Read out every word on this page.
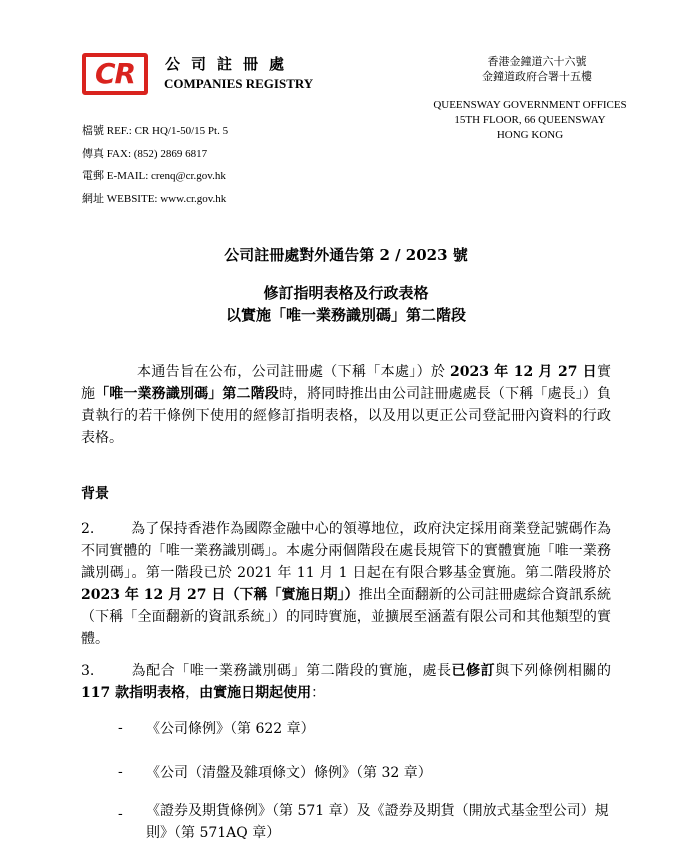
CR 公司註冊處
COMPANIES REGISTRY
香港金鐘道六十六號
金鐘道政府合署十五樓
QUEENSWAY GOVERNMENT OFFICES
15TH FLOOR, 66 QUEENSWAY
HONG KONG
檔號 REF.: CR HQ/1-50/15 Pt. 5
傳真 FAX: (852) 2869 6817
電郵 E-MAIL: crenq@cr.gov.hk
網址 WEBSITE: www.cr.gov.hk
公司註冊處對外通告第 2 / 2023 號
修訂指明表格及行政表格
以實施「唯一業務識別碼」第二階段

本通告旨在公布，公司註冊處（下稱「本處」）於 2023 年 12 月 27 日實施「唯一業務識別碼」第二階段時，將同時推出由公司註冊處處長（下稱「處長」）負責執行的若干條例下使用的經修訂指明表格，以及用以更正公司登記冊內資料的行政表格。

背景

2.	為了保持香港作為國際金融中心的領導地位，政府決定採用商業登記號碼作為不同實體的「唯一業務識別碼」。本處分兩個階段在處長規管下的實體實施「唯一業務識別碼」。第一階段已於 2021 年 11 月 1 日起在有限合夥基金實施。第二階段將於 2023 年 12 月 27 日（下稱「實施日期」）推出全面翻新的公司註冊處綜合資訊系統（下稱「全面翻新的資訊系統」）的同時實施，並擴展至涵蓋有限公司和其他類型的實體。

3.	為配合「唯一業務識別碼」第二階段的實施，處長已修訂與下列條例相關的 117 款指明表格，由實施日期起使用：

- 《公司條例》（第 622 章）
- 《公司（清盤及雜項條文）條例》（第 32 章）
- 《證券及期貨條例》（第 571 章）及《證券及期貨（開放式基金型公司）規則》（第 571AQ 章）
